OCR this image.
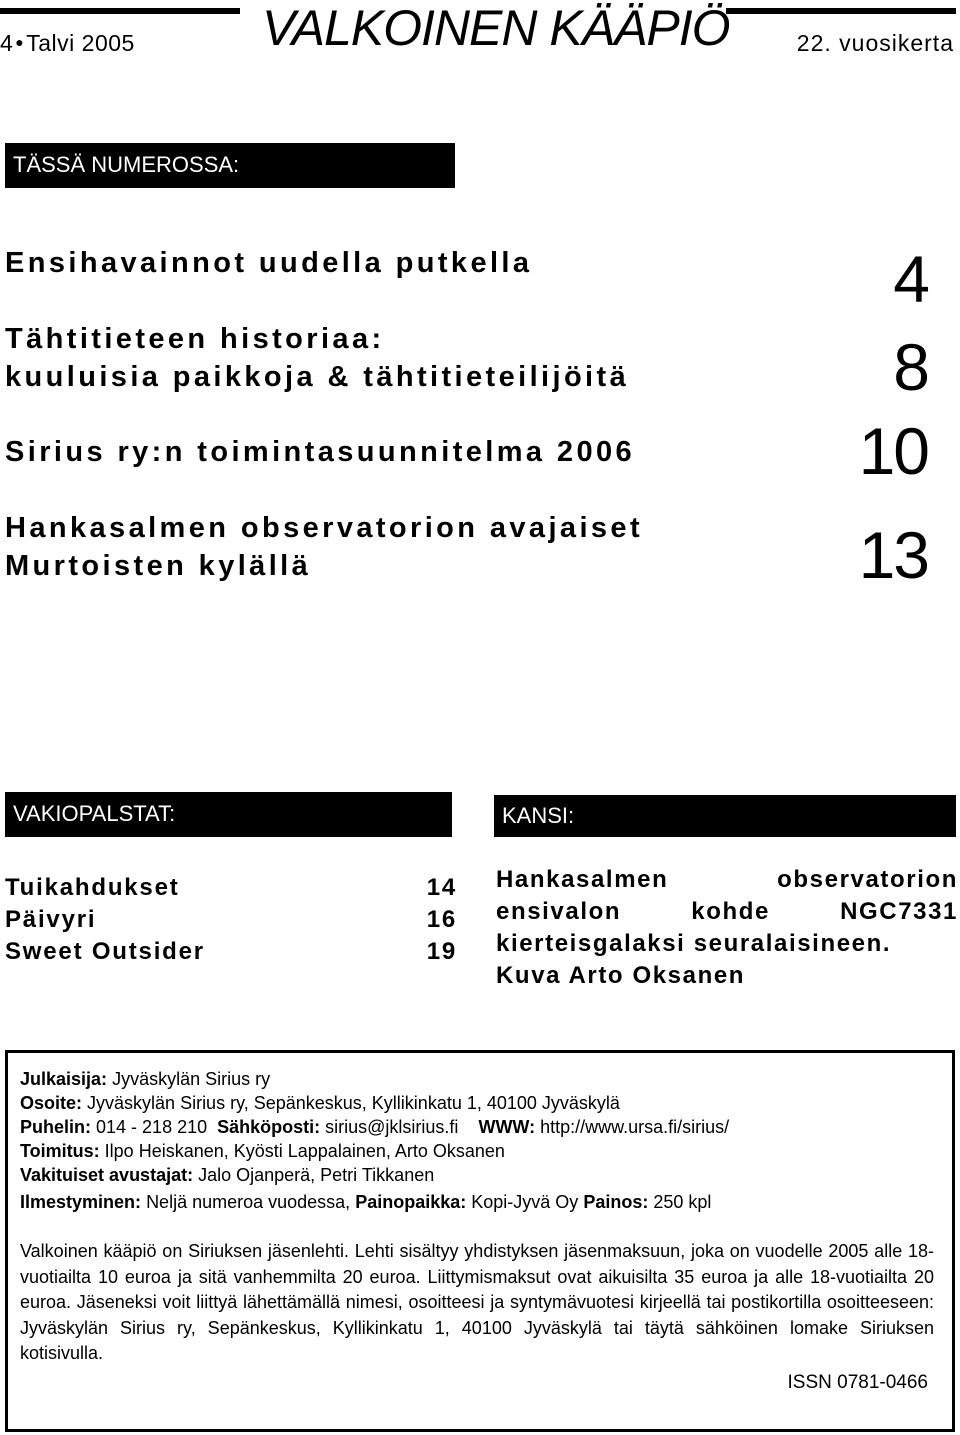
4 ●Talvi 2005	VALKOINEN KÄÄPIÖ	22. vuosikerta
TÄSSÄ NUMEROSSA:
Ensihavainnot uudella putkella	4
Tähtitieteen historiaa:
kuuluisia paikkoja & tähtitieteilijöitä	8
Sirius ry:n toimintasuunnitelma 2006	10
Hankasalmen observatorion avajaiset
Murtoisten kylällä	13
VAKIOPALSTAT:
Tuikahdukset	14
Päivyri	16
Sweet Outsider	19
KANSI:
Hankasalmen observatorion ensivalon kohde NGC7331 kierteisgalaksi seuralaisineen.
Kuva Arto Oksanen
Julkaisija: Jyväskylän Sirius ry
Osoite: Jyväskylän Sirius ry, Sepänkeskus, Kyllikinkatu 1, 40100 Jyväskylä
Puhelin: 014 - 218 210 Sähköposti: sirius@jklsirius.fi WWW: http://www.ursa.fi/sirius/
Toimitus: Ilpo Heiskanen, Kyösti Lappalainen, Arto Oksanen
Vakituiset avustajat: Jalo Ojanperä, Petri Tikkanen
Ilmestyminen: Neljä numeroa vuodessa, Painopaikka: Kopi-Jyvä Oy Painos: 250 kpl
Valkoinen kääpiö on Siriuksen jäsenlehti. Lehti sisältyy yhdistyksen jäsenmaksuun, joka on vuodelle 2005 alle 18-vuotiailta 10 euroa ja sitä vanhemmilta 20 euroa. Liittymismaksut ovat aikuisilta 35 euroa ja alle 18-vuotiailta 20 euroa. Jäseneksi voit liittyä lähettämällä nimesi, osoitteesi ja syntymävuotesi kirjeellä tai postikortilla osoitteeseen: Jyväskylän Sirius ry, Sepänkeskus, Kyllikinkatu 1, 40100 Jyväskylä tai täytä sähköinen lomake Siriuksen kotisivulla.
ISSN 0781-0466
